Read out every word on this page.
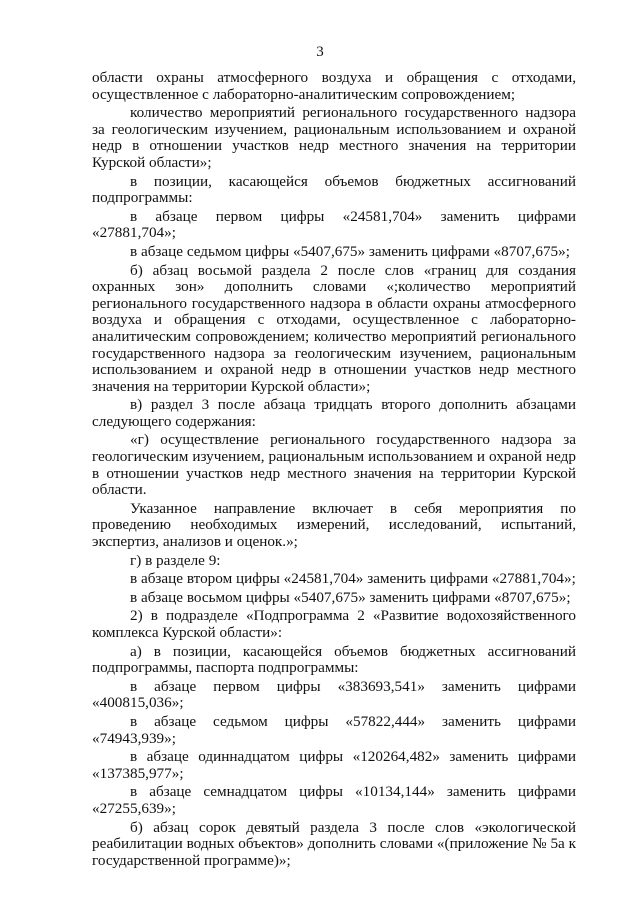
3

области охраны атмосферного воздуха и обращения с отходами, осуществленное с лабораторно-аналитическим сопровождением;

количество мероприятий регионального государственного надзора за геологическим изучением, рациональным использованием и охраной недр в отношении участков недр местного значения на территории Курской области»;

в позиции, касающейся объемов бюджетных ассигнований подпрограммы:

в абзаце первом цифры «24581,704» заменить цифрами «27881,704»;

в абзаце седьмом цифры «5407,675» заменить цифрами «8707,675»;

б) абзац восьмой раздела 2 после слов «границ для создания охранных зон» дополнить словами «;количество мероприятий регионального государственного надзора в области охраны атмосферного воздуха и обращения с отходами, осуществленное с лабораторно-аналитическим сопровождением; количество мероприятий регионального государственного надзора за геологическим изучением, рациональным использованием и охраной недр в отношении участков недр местного значения на территории Курской области»;

в) раздел 3 после абзаца тридцать второго дополнить абзацами следующего содержания:

«г) осуществление регионального государственного надзора за геологическим изучением, рациональным использованием и охраной недр в отношении участков недр местного значения на территории Курской области.

Указанное направление включает в себя мероприятия по проведению необходимых измерений, исследований, испытаний, экспертиз, анализов и оценок.»;

г) в разделе 9:

в абзаце втором цифры «24581,704» заменить цифрами «27881,704»;

в абзаце восьмом цифры «5407,675» заменить цифрами «8707,675»;

2) в подразделе «Подпрограмма 2 «Развитие водохозяйственного комплекса Курской области»:

а) в позиции, касающейся объемов бюджетных ассигнований подпрограммы, паспорта подпрограммы:

в абзаце первом цифры «383693,541» заменить цифрами «400815,036»;

в абзаце седьмом цифры «57822,444» заменить цифрами «74943,939»;

в абзаце одиннадцатом цифры «120264,482» заменить цифрами «137385,977»;

в абзаце семнадцатом цифры «10134,144» заменить цифрами «27255,639»;

б) абзац сорок девятый раздела 3 после слов «экологической реабилитации водных объектов» дополнить словами «(приложение № 5а к государственной программе)»;
